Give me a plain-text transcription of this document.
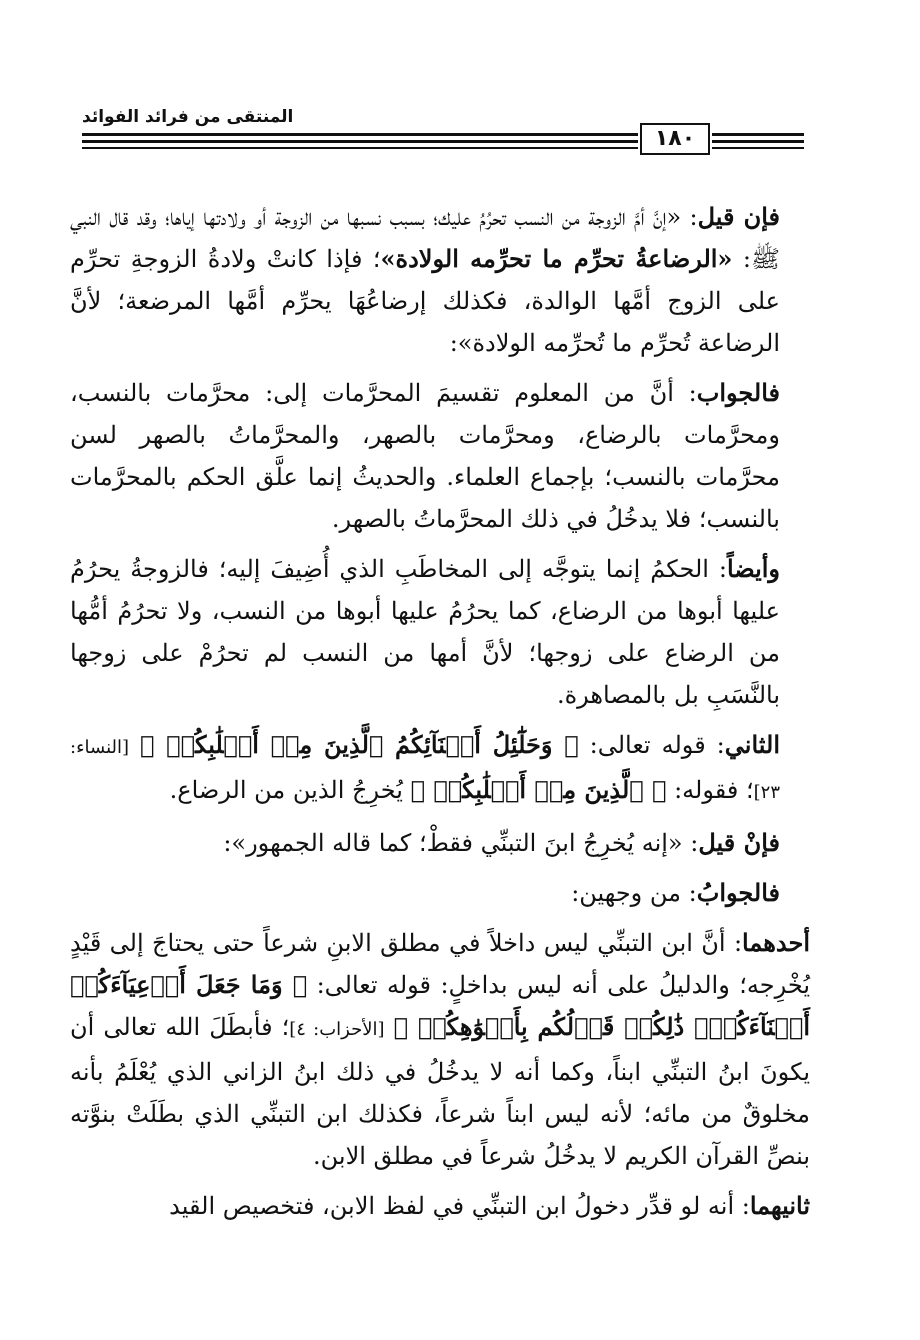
المنتقى من فرائد الفوائد
١٨٠

فإن قيل: «إنَّ أمَّ الزوجة من النسب تحرُمُ عليك؛ بسبب نسبها من الزوجة أو ولادتها إياها؛ وقد قال النبي ﷺ: «الرضاعةُ تحرِّم ما تحرِّمه الولادة»؛ فإذا كانتْ ولادةُ الزوجةِ تحرِّم على الزوج أمَّها الوالدة، فكذلك إرضاعُهَا يحرِّم أمَّها المرضعة؛ لأنَّ الرضاعة تُحرِّم ما تُحرِّمه الولادة»:

فالجواب: أنَّ من المعلوم تقسيمَ المحرَّمات إلى: محرَّمات بالنسب، ومحرَّمات بالرضاع، ومحرَّمات بالصهر، والمحرَّماتُ بالصهر لسن محرَّمات بالنسب؛ بإجماع العلماء. والحديثُ إنما علَّق الحكم بالمحرَّمات بالنسب؛ فلا يدخُلُ في ذلك المحرَّماتُ بالصهر.

وأيضاً: الحكمُ إنما يتوجَّه إلى المخاطَبِ الذي أُضِيفَ إليه؛ فالزوجةُ يحرُمُ عليها أبوها من الرضاع، كما يحرُمُ عليها أبوها من النسب، ولا تحرُمُ أمُّها من الرضاع على زوجها؛ لأنَّ أمها من النسب لم تحرُمْ على زوجها بالنَّسَبِ بل بالمصاهرة.

الثاني: قوله تعالى: ﴿ وَحَلَٰٓئِلُ أَبۡنَآئِكُمُ ٱلَّذِينَ مِنۡ أَصۡلَٰبِكُمۡ ﴾ [النساء: ٢٣]؛ فقوله: ﴿ ٱلَّذِينَ مِنۡ أَصۡلَٰبِكُمۡ ﴾ يُخرِجُ الذين من الرضاع.

فإنْ قيل: «إنه يُخرِجُ ابنَ التبنِّي فقطْ؛ كما قاله الجمهور»:

فالجوابُ: من وجهين:

أحدهما: أنَّ ابن التبنِّي ليس داخلاً في مطلق الابنِ شرعاً حتى يحتاجَ إلى قَيْدٍ يُخْرِجه؛ والدليلُ على أنه ليس بداخلٍ: قوله تعالى: ﴿ وَمَا جَعَلَ أَدۡعِيَآءَكُمۡ أَبۡنَآءَكُمۡۚ ذَٰلِكُمۡ قَوۡلُكُم بِأَفۡوَٰهِكُمۡ ﴾ [الأحزاب: ٤]؛ فأبطَلَ الله تعالى أن يكونَ ابنُ التبنِّي ابناً، وكما أنه لا يدخُلُ في ذلك ابنُ الزاني الذي يُعْلَمُ بأنه مخلوقٌ من مائه؛ لأنه ليس ابناً شرعاً، فكذلك ابن التبنِّي الذي بطَلَتْ بنوَّته بنصِّ القرآن الكريم لا يدخُلُ شرعاً في مطلق الابن.

ثانيهما: أنه لو قدِّر دخولُ ابن التبنِّي في لفظ الابن، فتخصيص القيد
